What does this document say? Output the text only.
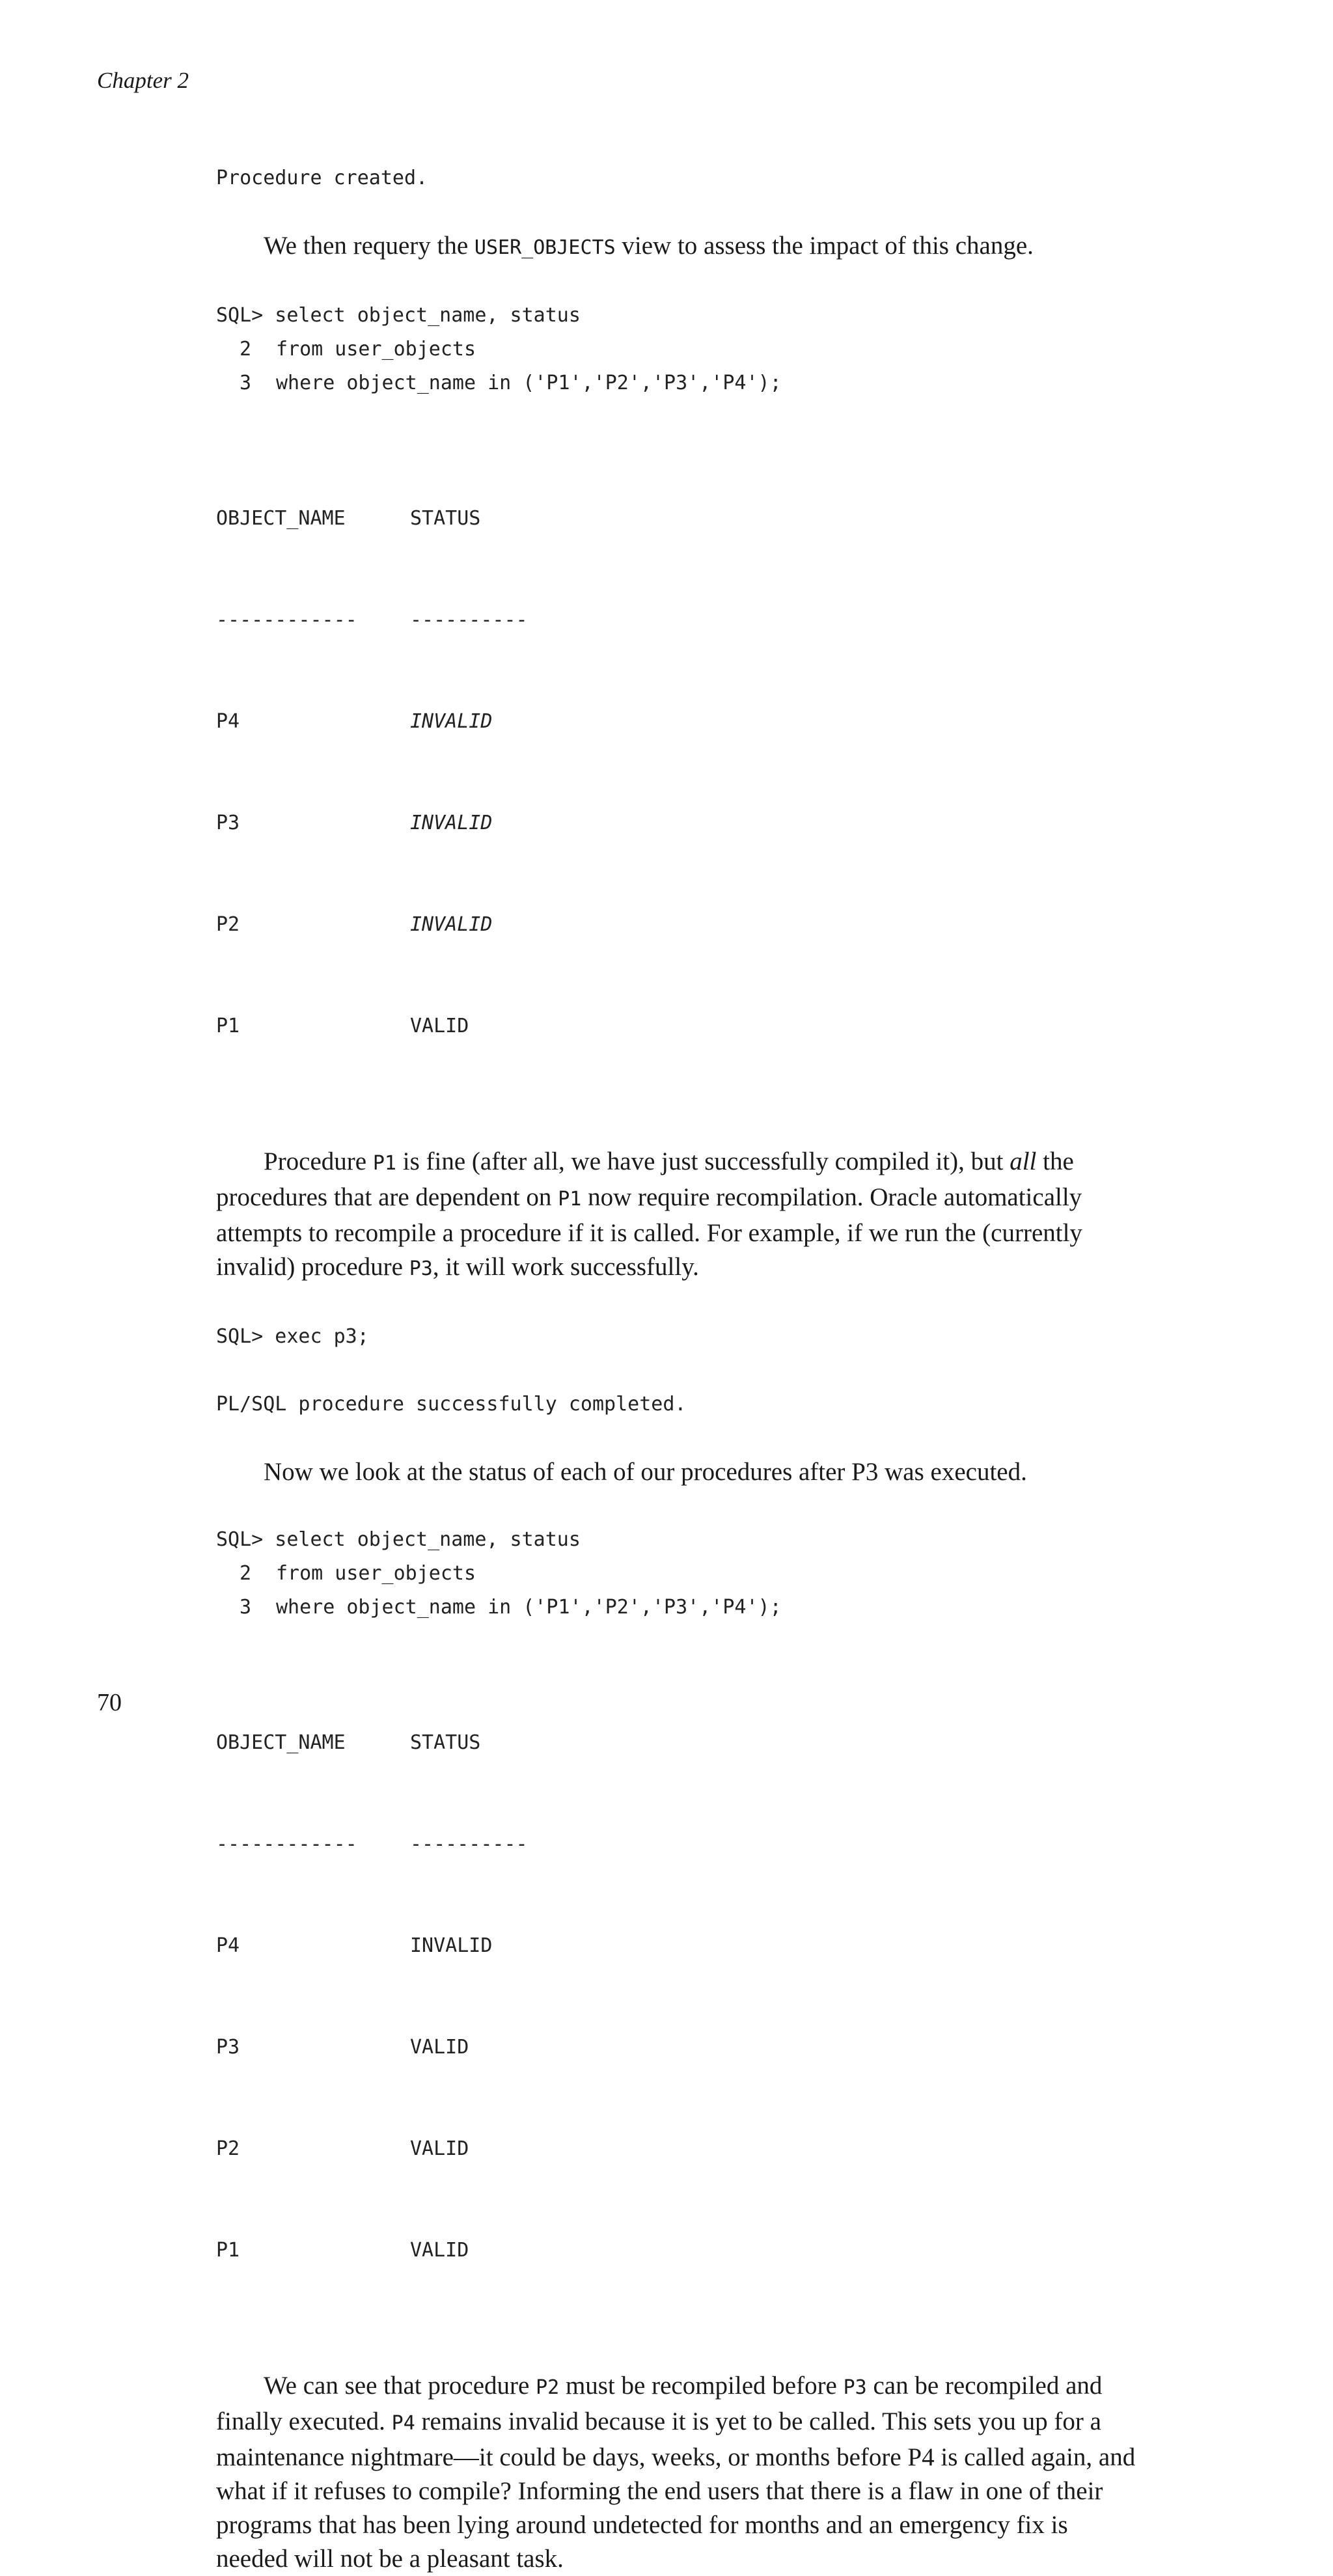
Chapter 2

Procedure created.

We then requery the USER_OBJECTS view to assess the impact of this change.

SQL> select object_name, status
2 from user_objects
3 where object_name in ('P1','P2','P3','P4');

OBJECT_NAME	STATUS

------------	----------

P4	INVALID

P3	INVALID

P2	INVALID

P1	VALID

Procedure P1 is fine (after all, we have just successfully compiled it), but all the procedures that are dependent on P1 now require recompilation. Oracle automatically attempts to recompile a procedure if it is called. For example, if we run the (currently invalid) procedure P3, it will work successfully.

SQL> exec p3;
PL/SQL procedure successfully completed.

Now we look at the status of each of our procedures after P3 was executed.

SQL> select object_name, status
2 from user_objects
3 where object_name in ('P1','P2','P3','P4');

OBJECT_NAME	STATUS

------------	----------

P4	INVALID

P3	VALID

P2	VALID

P1	VALID

We can see that procedure P2 must be recompiled before P3 can be recompiled and finally executed. P4 remains invalid because it is yet to be called. This sets you up for a maintenance nightmare—it could be days, weeks, or months before P4 is called again, and what if it refuses to compile? Informing the end users that there is a flaw in one of their programs that has been lying around undetected for months and an emergency fix is needed will not be a pleasant task.

70
